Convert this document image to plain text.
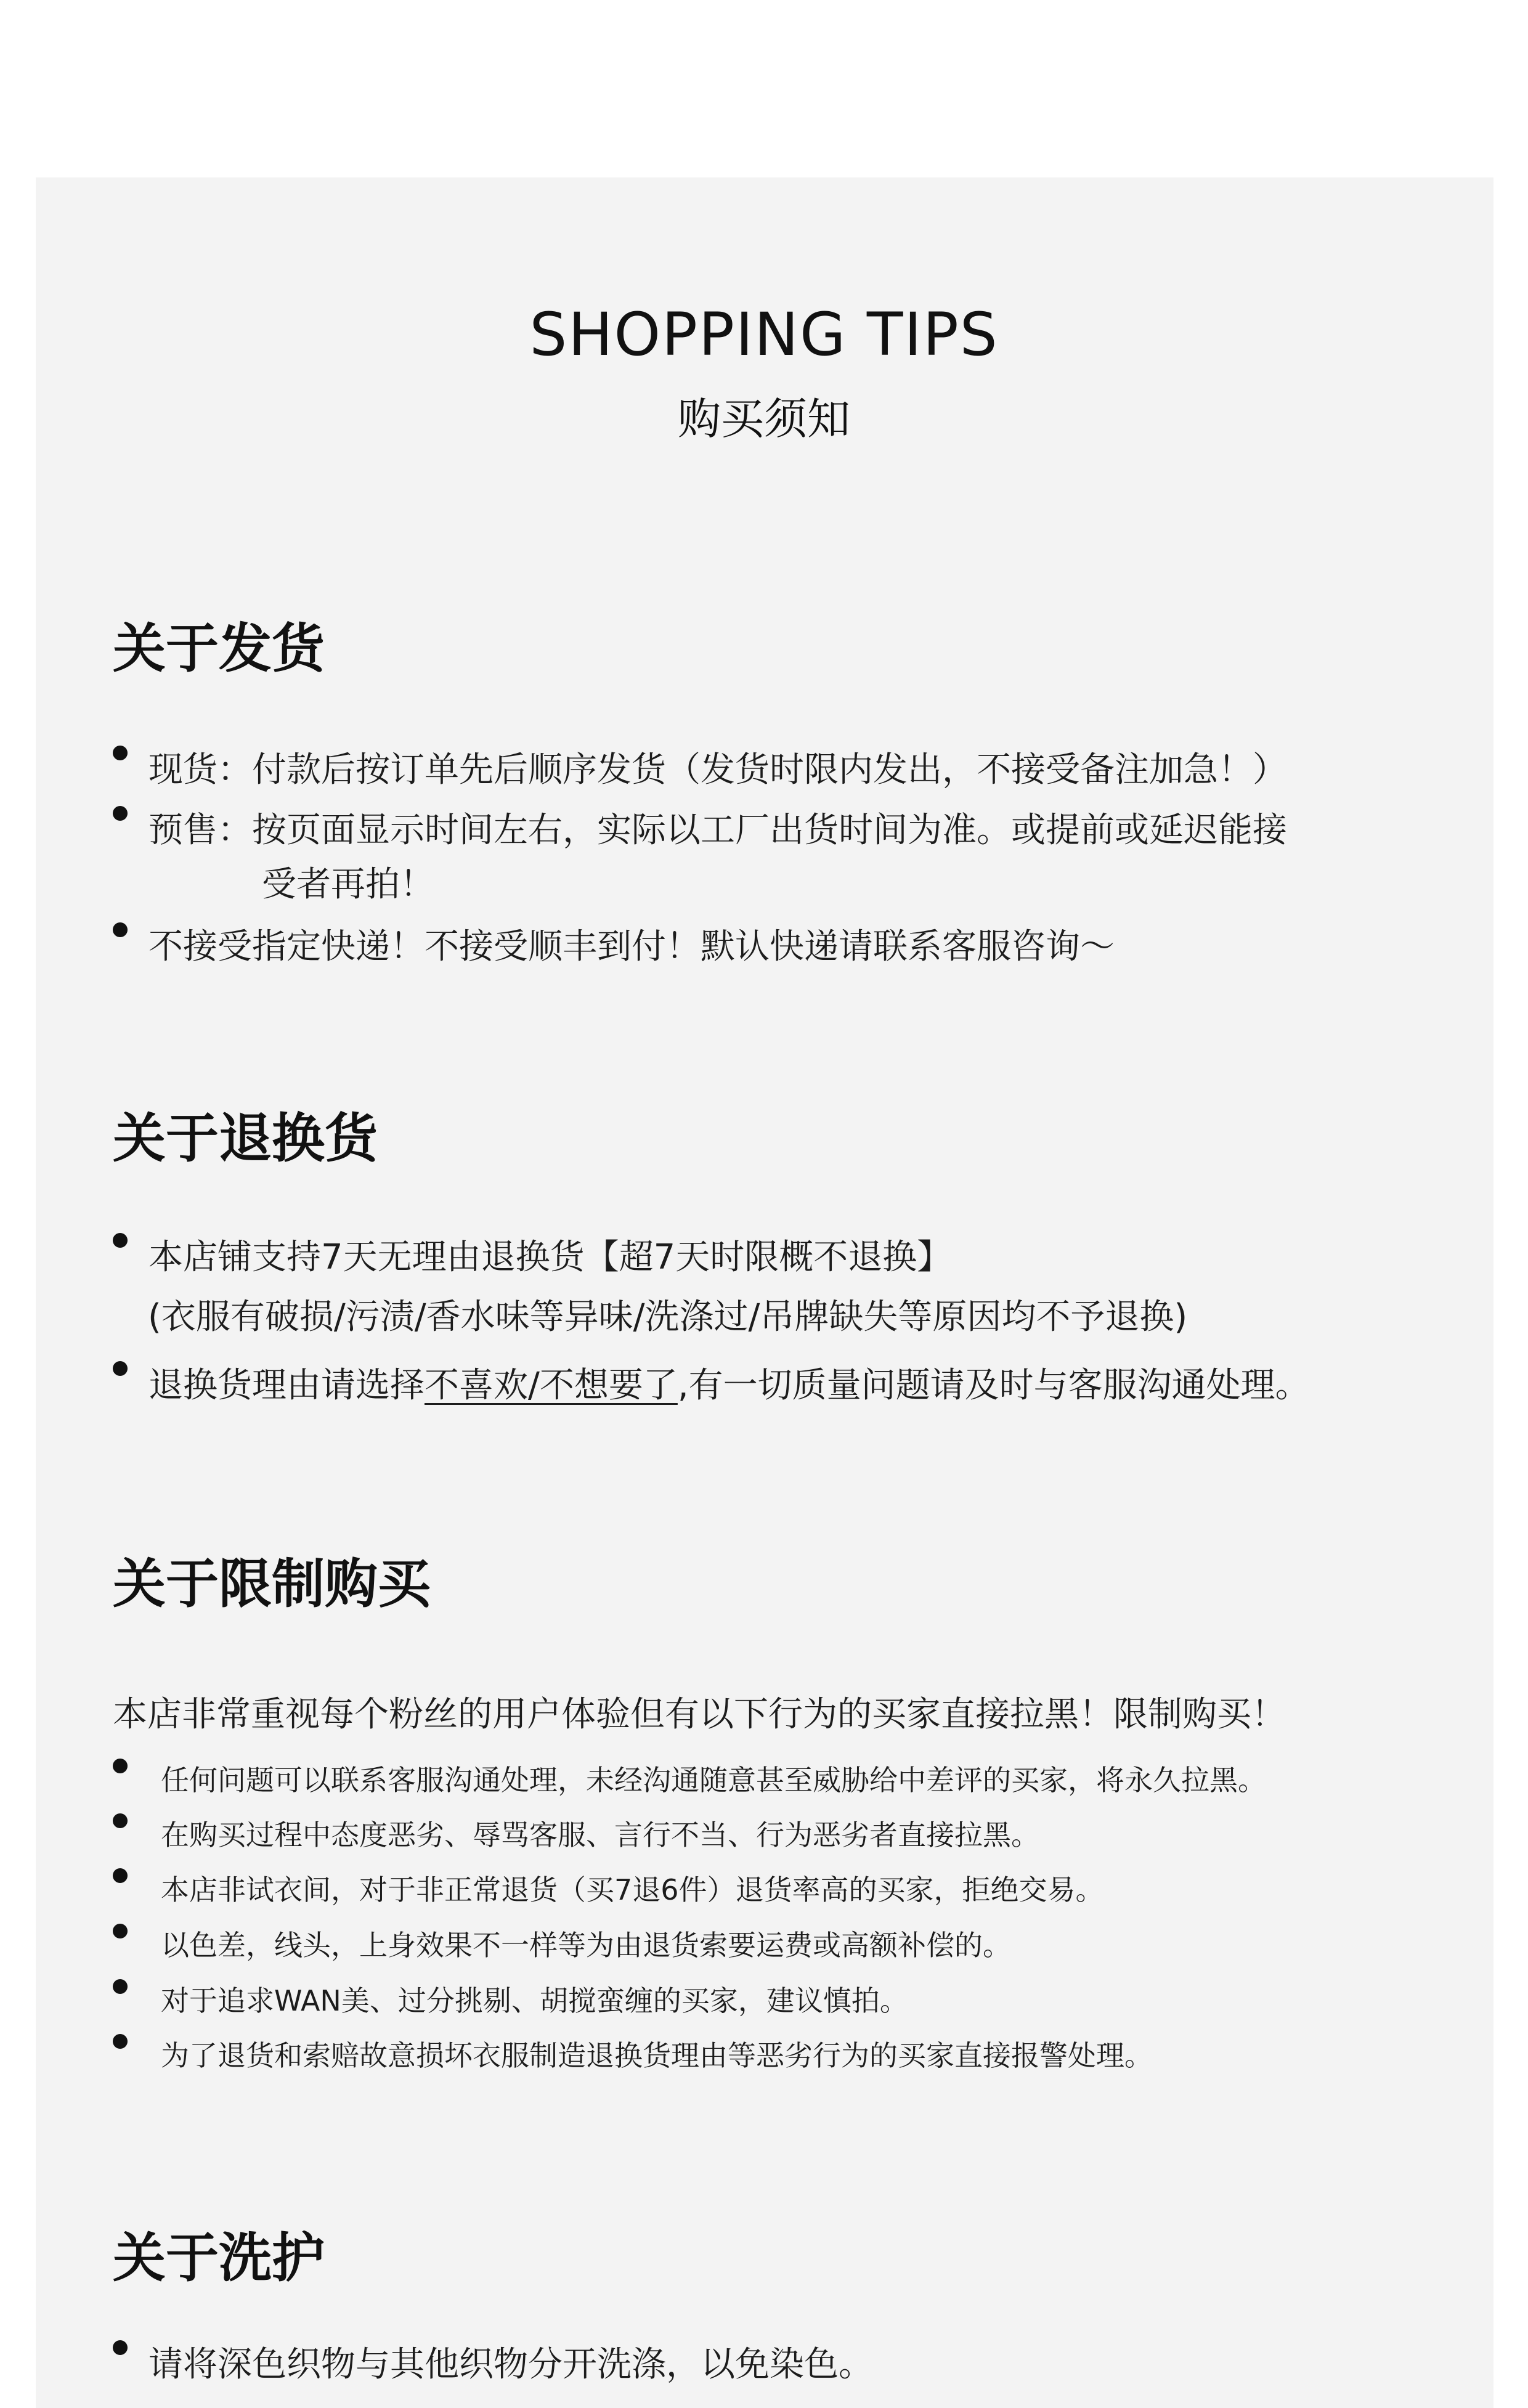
SHOPPING TIPS
购买须知
关于发货
现货：付款后按订单先后顺序发货（发货时限内发出，不接受备注加急！）
预售：按页面显示时间左右，实际以工厂出货时间为准。或提前或延迟能接
受者再拍！
不接受指定快递！不接受顺丰到付！默认快递请联系客服咨询～
关于退换货
本店铺支持7天无理由退换货【超7天时限概不退换】
(衣服有破损/污渍/香水味等异味/洗涤过/吊牌缺失等原因均不予退换)
退换货理由请选择不喜欢/不想要了,有一切质量问题请及时与客服沟通处理。
关于限制购买
本店非常重视每个粉丝的用户体验但有以下行为的买家直接拉黑！限制购买！
任何问题可以联系客服沟通处理，未经沟通随意甚至威胁给中差评的买家，将永久拉黑。
在购买过程中态度恶劣、辱骂客服、言行不当、行为恶劣者直接拉黑。
本店非试衣间，对于非正常退货（买7退6件）退货率高的买家，拒绝交易。
以色差，线头，上身效果不一样等为由退货索要运费或高额补偿的。
对于追求WAN美、过分挑剔、胡搅蛮缠的买家，建议慎拍。
为了退货和索赔故意损坏衣服制造退换货理由等恶劣行为的买家直接报警处理。
关于洗护
请将深色织物与其他织物分开洗涤，以免染色。
